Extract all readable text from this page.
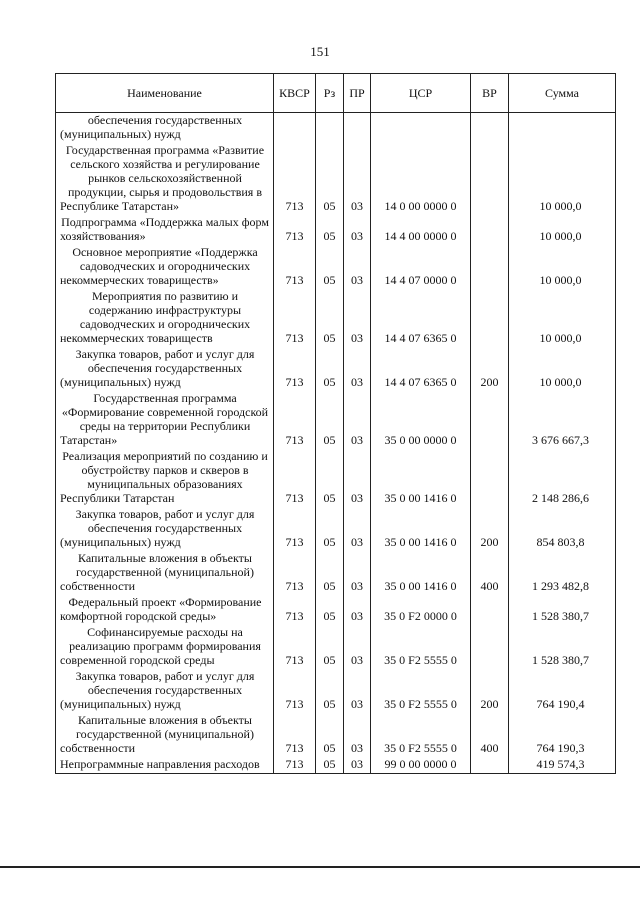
151
Наименование	КВСР	Рз	ПР	ЦСР	ВР	Сумма
обеспечения государственных (муниципальных) нужд						
Государственная программа «Развитие сельского хозяйства и регулирование рынков сельскохозяйственной продукции, сырья и продовольствия в Республике Татарстан»	713	05	03	14 0 00 0000 0		10 000,0
Подпрограмма «Поддержка малых форм хозяйствования»	713	05	03	14 4 00 0000 0		10 000,0
Основное мероприятие «Поддержка садоводческих и огороднических некоммерческих товариществ»	713	05	03	14 4 07 0000 0		10 000,0
Мероприятия по развитию и содержанию инфраструктуры садоводческих и огороднических некоммерческих товариществ	713	05	03	14 4 07 6365 0		10 000,0
Закупка товаров, работ и услуг для обеспечения государственных (муниципальных) нужд	713	05	03	14 4 07 6365 0	200	10 000,0
Государственная программа «Формирование современной городской среды на территории Республики Татарстан»	713	05	03	35 0 00 0000 0		3 676 667,3
Реализация мероприятий по созданию и обустройству парков и скверов в муниципальных образованиях Республики Татарстан	713	05	03	35 0 00 1416 0		2 148 286,6
Закупка товаров, работ и услуг для обеспечения государственных (муниципальных) нужд	713	05	03	35 0 00 1416 0	200	854 803,8
Капитальные вложения в объекты государственной (муниципальной) собственности	713	05	03	35 0 00 1416 0	400	1 293 482,8
Федеральный проект «Формирование комфортной городской среды»	713	05	03	35 0 F2 0000 0		1 528 380,7
Софинансируемые расходы на реализацию программ формирования современной городской среды	713	05	03	35 0 F2 5555 0		1 528 380,7
Закупка товаров, работ и услуг для обеспечения государственных (муниципальных) нужд	713	05	03	35 0 F2 5555 0	200	764 190,4
Капитальные вложения в объекты государственной (муниципальной) собственности	713	05	03	35 0 F2 5555 0	400	764 190,3
Непрограммные направления расходов	713	05	03	99 0 00 0000 0		419 574,3
